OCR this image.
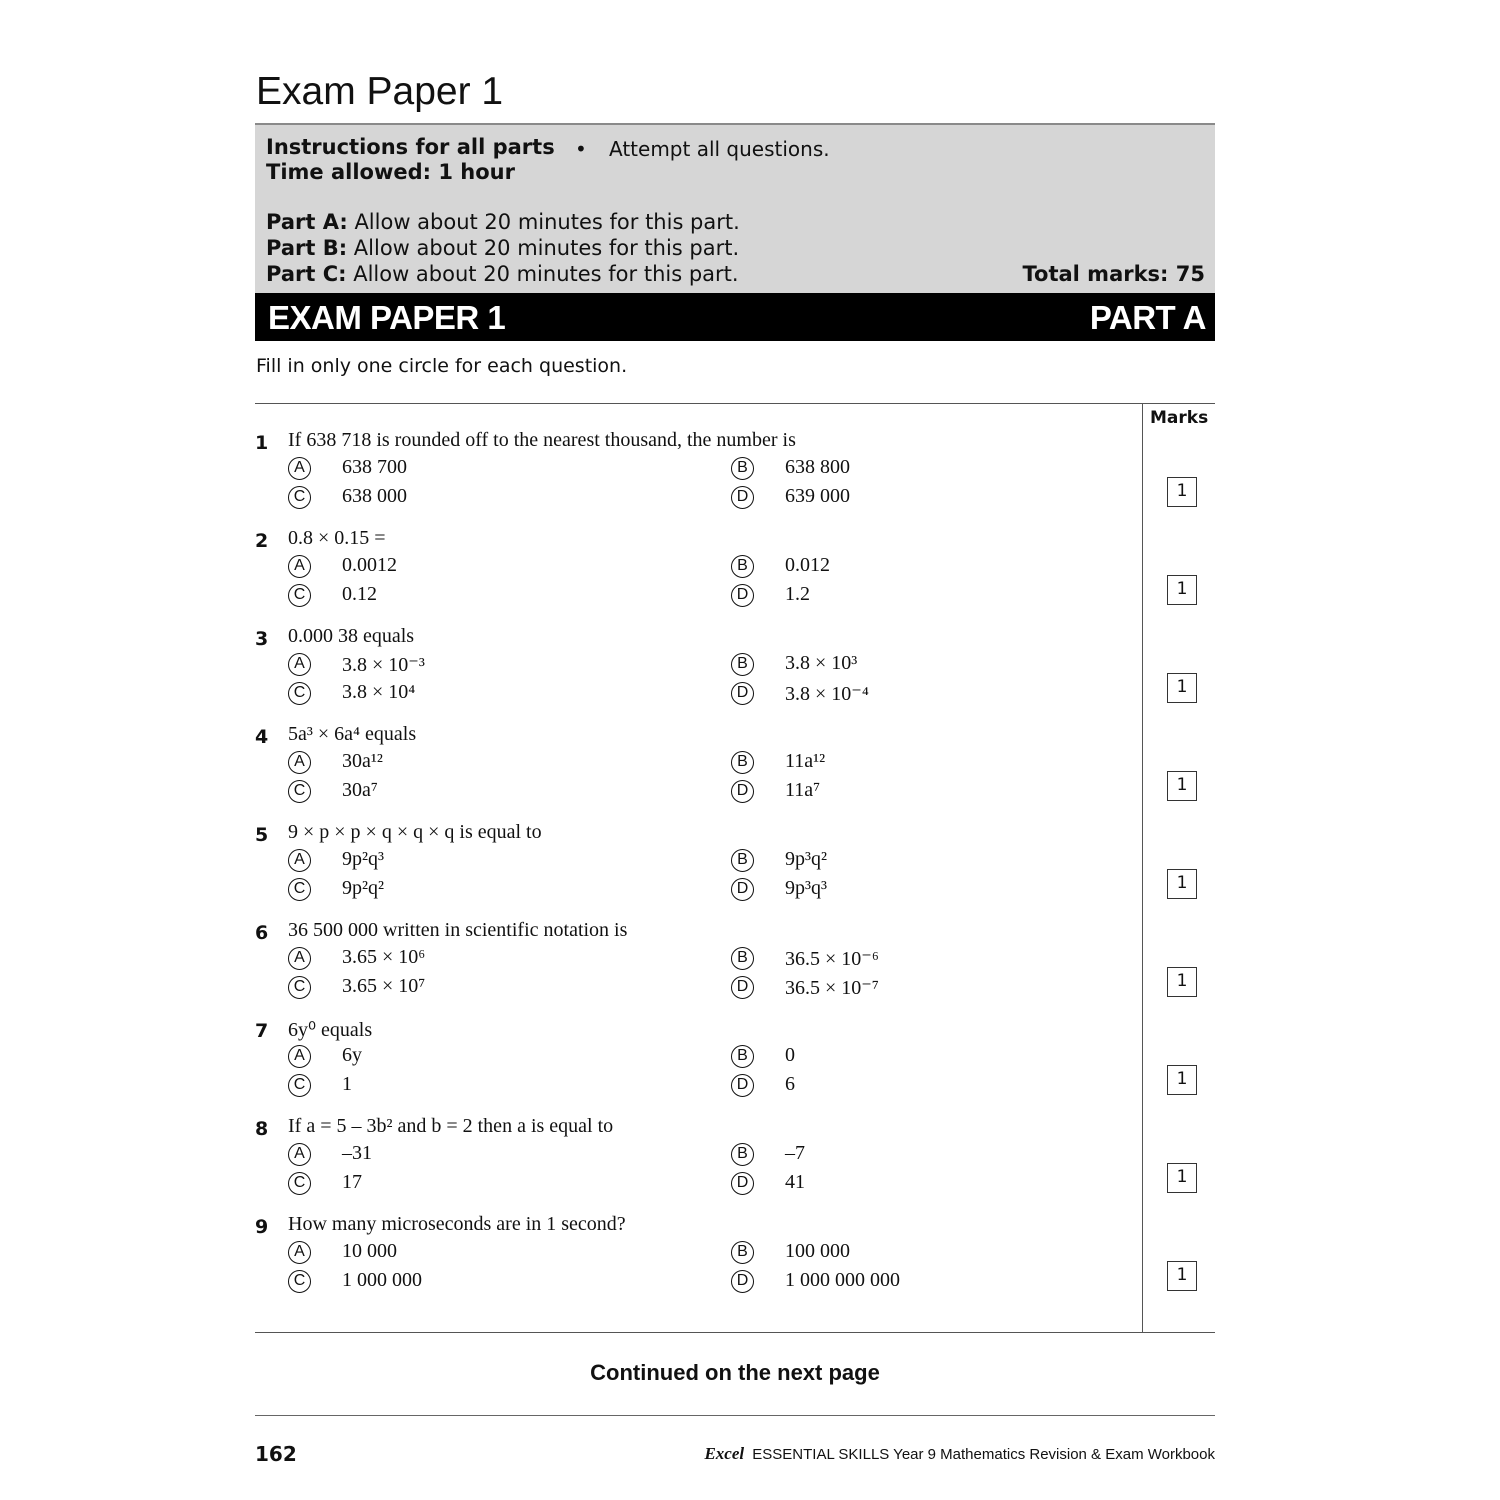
Exam Paper 1
Instructions for all parts • Attempt all questions.
Time allowed: 1 hour
Part A: Allow about 20 minutes for this part.
Part B: Allow about 20 minutes for this part.
Part C: Allow about 20 minutes for this part.	Total marks: 75
EXAM PAPER 1	PART A
Fill in only one circle for each question.
Marks
1 If 638 718 is rounded off to the nearest thousand, the number is
A	638 700	B	638 800
C 638 000	D 639 000	1
2 0.8 × 0.15 =
A	0.0012	B	0.012
C 0.12	D 1.2	1
3 0.000 38 equals
A	3.8 × 10⁻³	B	3.8 × 10³
C 3.8 × 10⁴	D 3.8 × 10⁻⁴	1
4 5a³ × 6a⁴ equals
A	30a¹²	B	11a¹²
C 30a⁷	D 11a⁷	1
5 9 × p × p × q × q × q is equal to
A	9p²q³	B	9p³q²
C 9p²q²	D 9p³q³	1
6 36 500 000 written in scientific notation is
A	3.65 × 10⁶	B	36.5 × 10⁻⁶
C 3.65 × 10⁷	D 36.5 × 10⁻⁷	1
7 6y⁰ equals
A	6y	B	0
C 1	D 6	1
8 If a = 5 – 3b² and b = 2 then a is equal to
A	–31	B	–7
C 17	D 41	1
9 How many microseconds are in 1 second?
A	10 000	B	100 000
C 1 000 000	D 1 000 000 000	1
Continued on the next page
162	Excel ESSENTIAL SKILLS Year 9 Mathematics Revision & Exam Workbook
